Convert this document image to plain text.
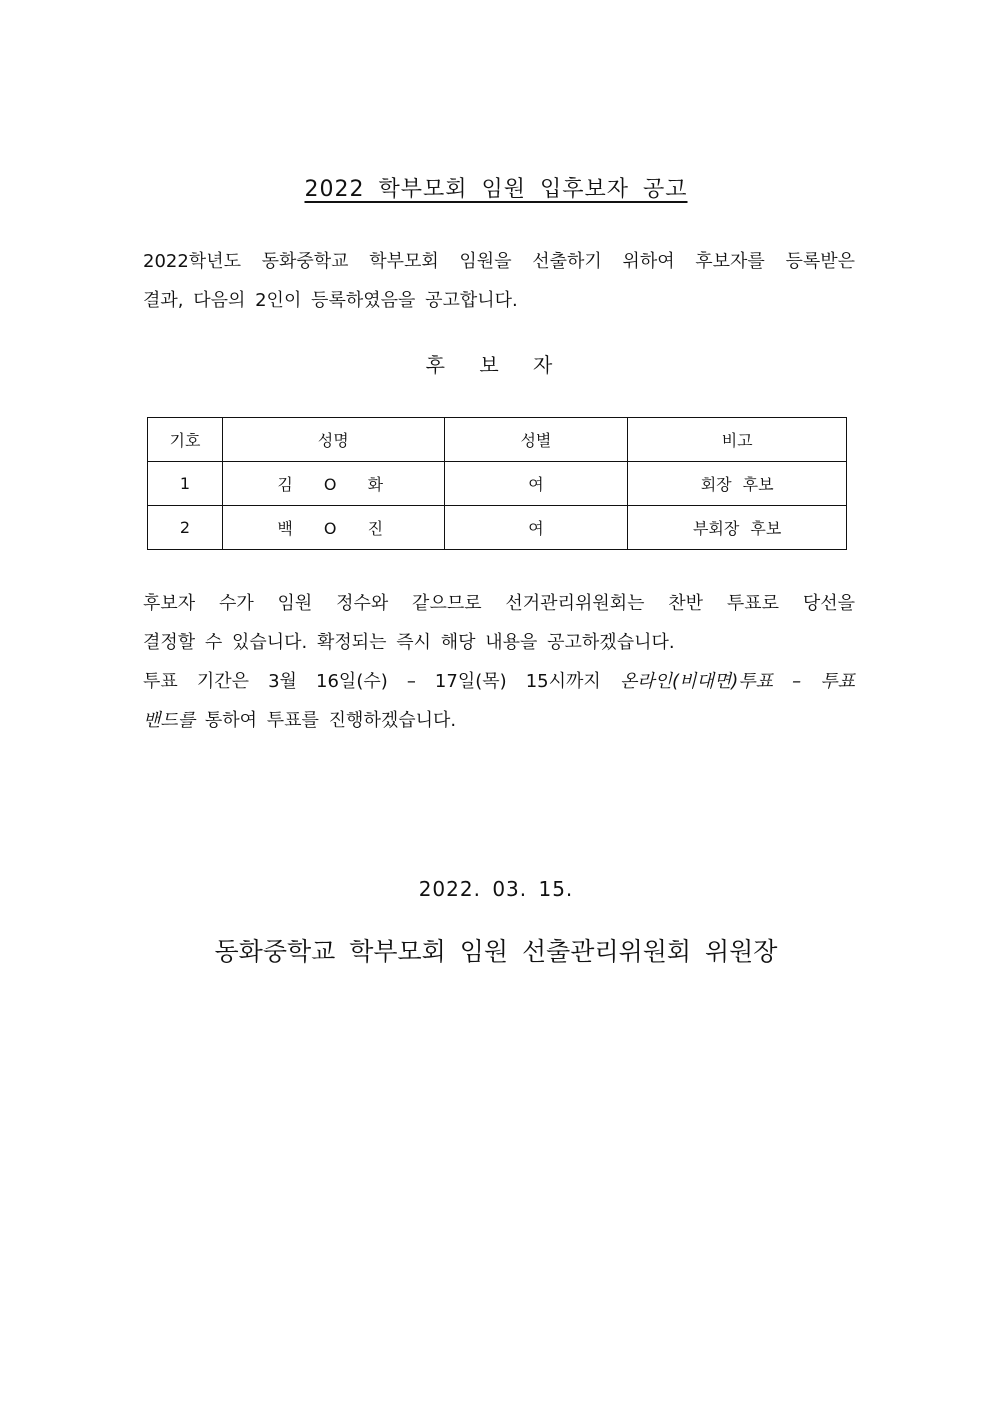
2022 학부모회 임원 입후보자 공고
2022학년도 동화중학교 학부모회 임원을 선출하기 위하여 후보자를 등록받은
결과, 다음의 2인이 등록하였음을 공고합니다.
후 보 자
기호	성명	성별	비고
1	김 O 화	여	회장 후보
2	백 O 진	여	부회장 후보
후보자 수가 임원 정수와 같으므로 선거관리위원회는 찬반 투표로 당선을
결정할 수 있습니다. 확정되는 즉시 해당 내용을 공고하겠습니다.
투표 기간은 3월 16일(수) – 17일(목) 15시까지 온라인(비대면)투표 – 투표
밴드를 통하여 투표를 진행하겠습니다.
2022. 03. 15.
동화중학교 학부모회 임원 선출관리위원회 위원장
